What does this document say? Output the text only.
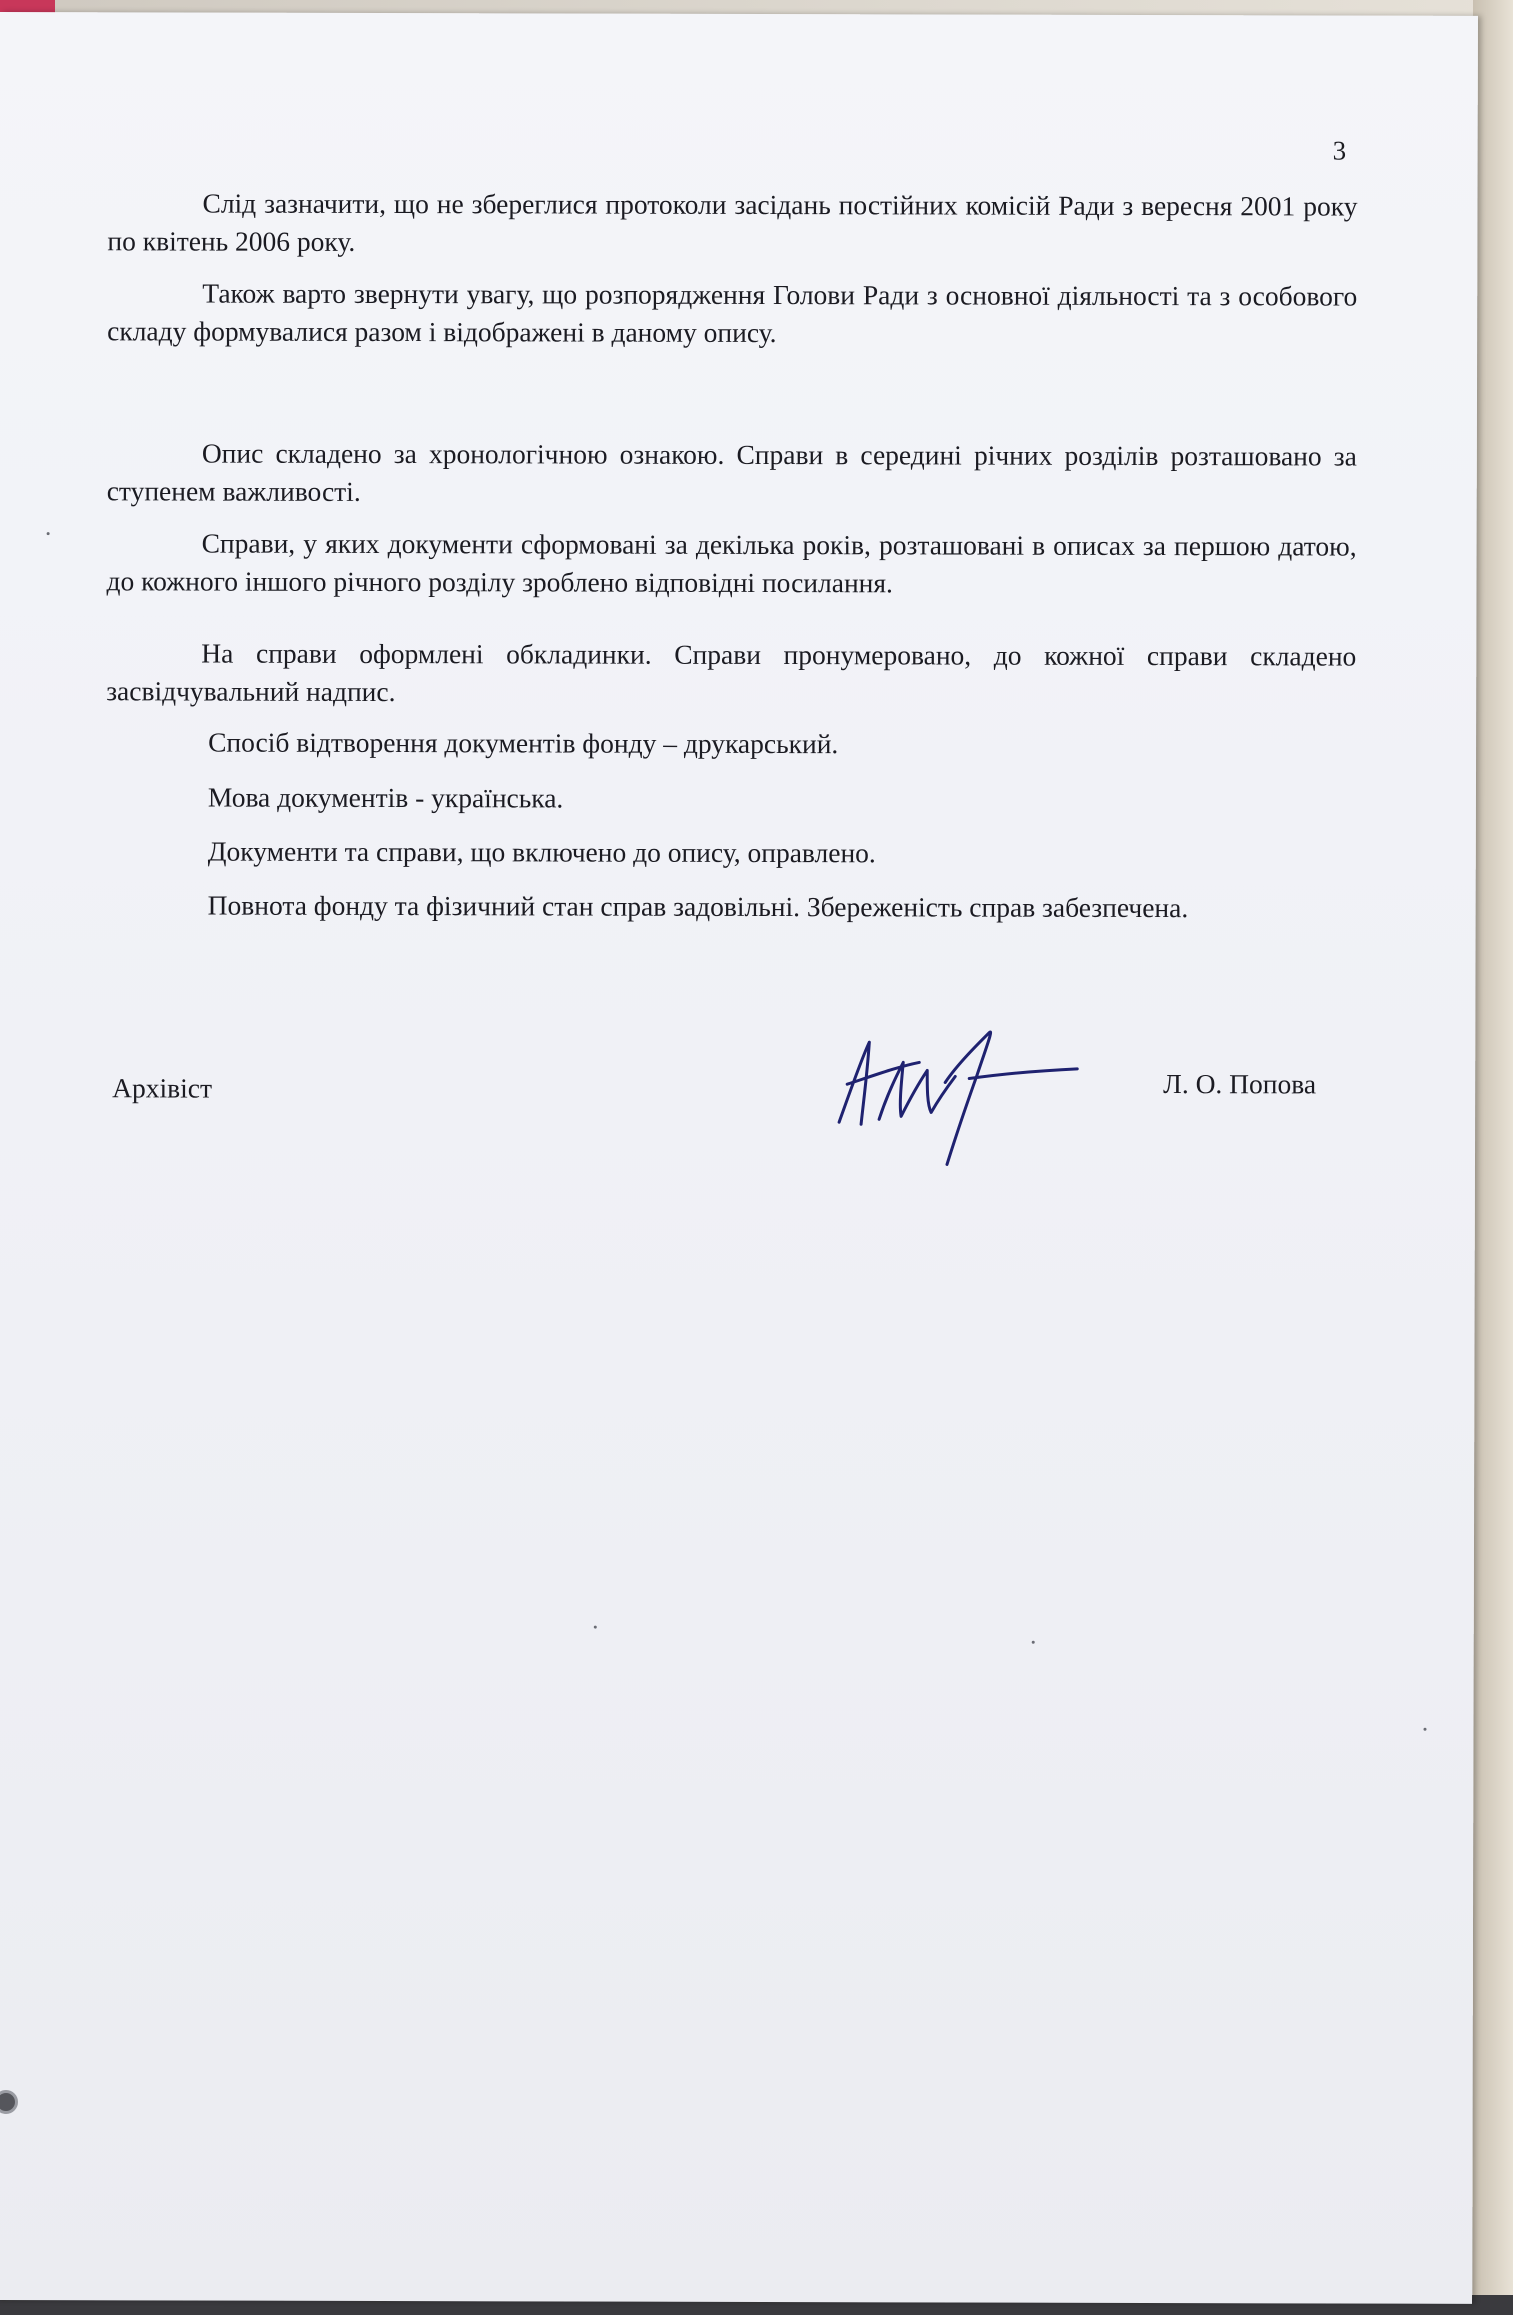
3

Слід зазначити, що не збереглися протоколи засідань постійних комісій Ради з вересня 2001 року по квітень 2006 року.

Також варто звернути увагу, що розпорядження Голови Ради з основної діяльності та з особового складу формувалися разом і відображені в даному опису.

Опис складено за хронологічною ознакою. Справи в середині річних розділів розташовано за ступенем важливості.

Справи, у яких документи сформовані за декілька років, розташовані в описах за першою датою, до кожного іншого річного розділу зроблено відповідні посилання.

На справи оформлені обкладинки. Справи пронумеровано, до кожної справи складено засвідчувальний надпис.

Спосіб відтворення документів фонду – друкарський.
Мова документів - українська.
Документи та справи, що включено до опису, оправлено.
Повнота фонду та фізичний стан справ задовільні. Збереженість справ забезпечена.
Архівіст	Л. О. Попова
